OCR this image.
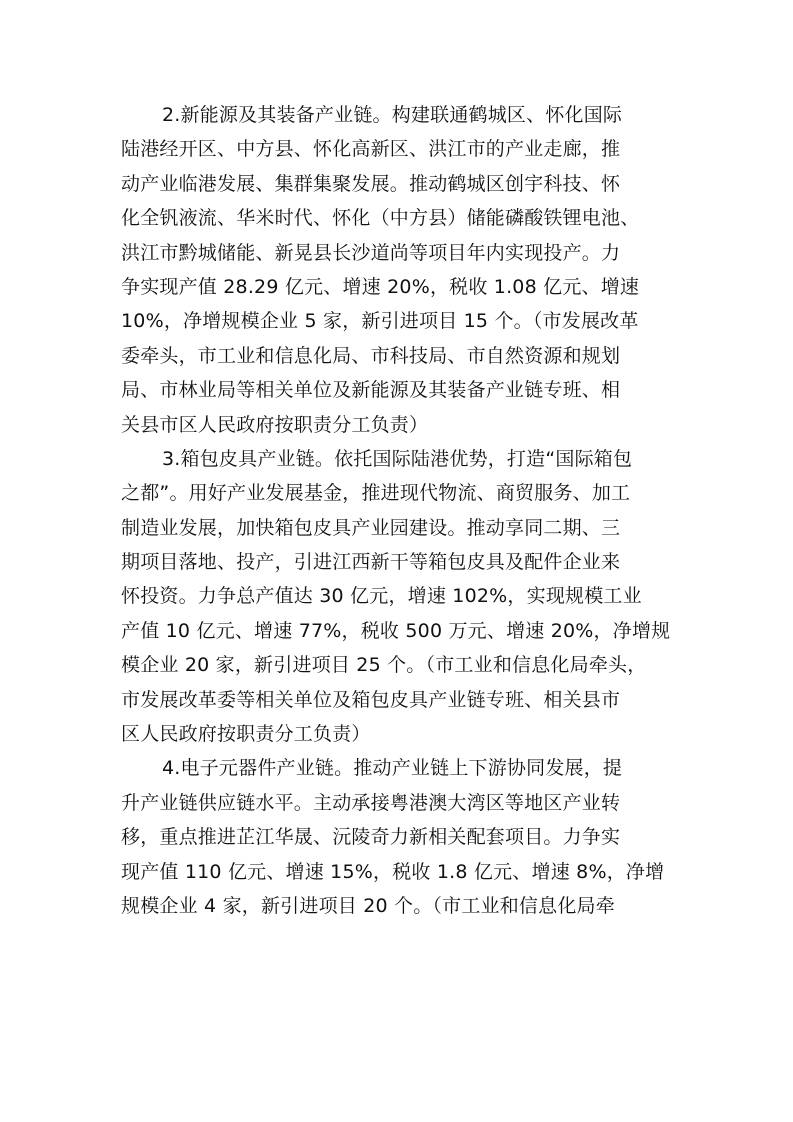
2.新能源及其装备产业链。构建联通鹤城区、怀化国际
陆港经开区、中方县、怀化高新区、洪江市的产业走廊，推
动产业临港发展、集群集聚发展。推动鹤城区创宇科技、怀
化全钒液流、华米时代、怀化（中方县）储能磷酸铁锂电池、
洪江市黔城储能、新晃县长沙道尚等项目年内实现投产。力
争实现产值 28.29 亿元、增速 20%，税收 1.08 亿元、增速
10%，净增规模企业 5 家，新引进项目 15 个。（市发展改革
委牵头，市工业和信息化局、市科技局、市自然资源和规划
局、市林业局等相关单位及新能源及其装备产业链专班、相
关县市区人民政府按职责分工负责）
3.箱包皮具产业链。依托国际陆港优势，打造“国际箱包
之都”。用好产业发展基金，推进现代物流、商贸服务、加工
制造业发展，加快箱包皮具产业园建设。推动享同二期、三
期项目落地、投产，引进江西新干等箱包皮具及配件企业来
怀投资。力争总产值达 30 亿元，增速 102%，实现规模工业
产值 10 亿元、增速 77%，税收 500 万元、增速 20%，净增规
模企业 20 家，新引进项目 25 个。（市工业和信息化局牵头，
市发展改革委等相关单位及箱包皮具产业链专班、相关县市
区人民政府按职责分工负责）
4.电子元器件产业链。推动产业链上下游协同发展，提
升产业链供应链水平。主动承接粤港澳大湾区等地区产业转
移，重点推进芷江华晟、沅陵奇力新相关配套项目。力争实
现产值 110 亿元、增速 15%，税收 1.8 亿元、增速 8%，净增
规模企业 4 家，新引进项目 20 个。（市工业和信息化局牵
